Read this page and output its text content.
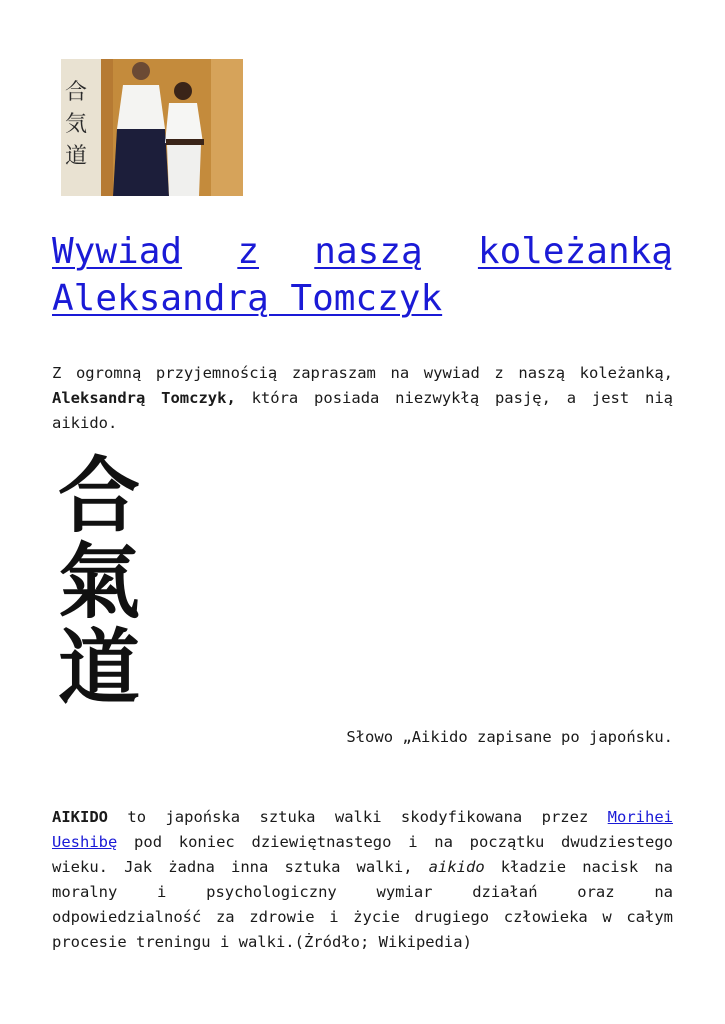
合
気
道
Wywiad z naszą koleżanką
Aleksandrą Tomczyk

Z ogromną przyjemnością zapraszam na wywiad z naszą koleżanką,
Aleksandrą Tomczyk, która posiada niezwykłą pasję, a jest nią
aikido.

合
氣
道

Słowo „Aikido zapisane po japońsku.

AIKIDO to japońska sztuka walki skodyfikowana przez Morihei
Ueshibę pod koniec dziewiętnastego i na początku dwudziestego
wieku. Jak żadna inna sztuka walki, aikido kładzie nacisk na
moralny i psychologiczny wymiar działań oraz na
odpowiedzialność za zdrowie i życie drugiego człowieka w całym
procesie treningu i walki.(Żródło; Wikipedia)
